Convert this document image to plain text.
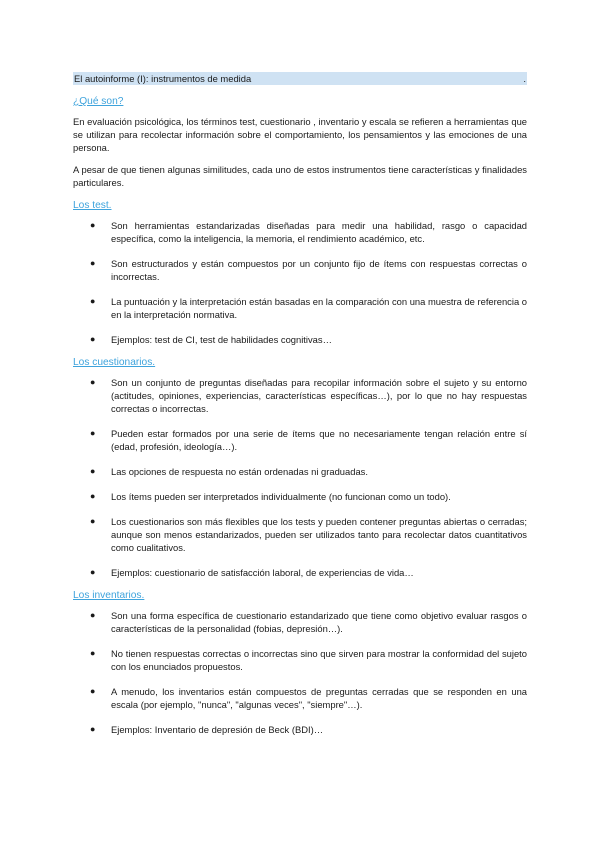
El autoinforme (I): instrumentos de medida	.
¿Qué son?

En evaluación psicológica, los términos test, cuestionario , inventario y escala se refieren a herramientas que se utilizan para recolectar información sobre el comportamiento, los pensamientos y las emociones de una persona.

A pesar de que tienen algunas similitudes, cada uno de estos instrumentos tiene características y finalidades particulares.

Los test.
● Son herramientas estandarizadas diseñadas para medir una habilidad, rasgo o capacidad específica, como la inteligencia, la memoria, el rendimiento académico, etc.
● Son estructurados y están compuestos por un conjunto fijo de ítems con respuestas correctas o incorrectas.
● La puntuación y la interpretación están basadas en la comparación con una muestra de referencia o en la interpretación normativa.
● Ejemplos: test de CI, test de habilidades cognitivas…
Los cuestionarios.
● Son un conjunto de preguntas diseñadas para recopilar información sobre el sujeto y su entorno (actitudes, opiniones, experiencias, características específicas…), por lo que no hay respuestas correctas o incorrectas.
● Pueden estar formados por una serie de ítems que no necesariamente tengan relación entre sí (edad, profesión, ideología…).
● Las opciones de respuesta no están ordenadas ni graduadas.
● Los ítems pueden ser interpretados individualmente (no funcionan como un todo).
● Los cuestionarios son más flexibles que los tests y pueden contener preguntas abiertas o cerradas; aunque son menos estandarizados, pueden ser utilizados tanto para recolectar datos cuantitativos como cualitativos.
● Ejemplos: cuestionario de satisfacción laboral, de experiencias de vida…
Los inventarios.
● Son una forma específica de cuestionario estandarizado que tiene como objetivo evaluar rasgos o características de la personalidad (fobias, depresión…).
● No tienen respuestas correctas o incorrectas sino que sirven para mostrar la conformidad del sujeto con los enunciados propuestos.
● A menudo, los inventarios están compuestos de preguntas cerradas que se responden en una escala (por ejemplo, "nunca", "algunas veces", "siempre"…).
● Ejemplos: Inventario de depresión de Beck (BDI)…
